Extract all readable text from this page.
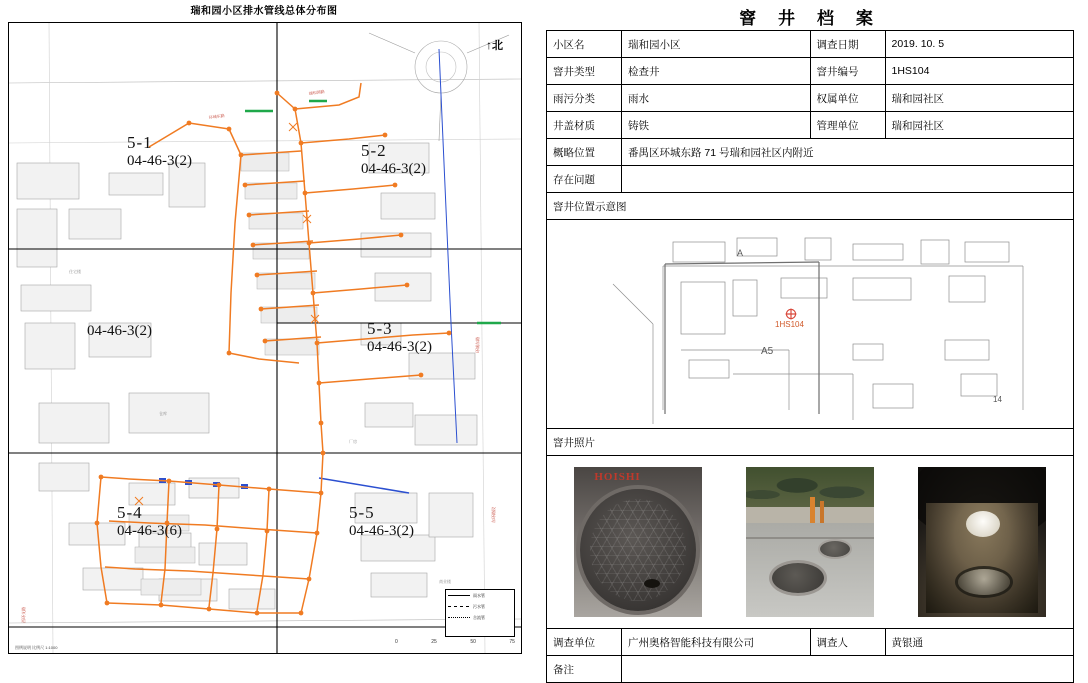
瑞和园小区排水管线总体分布图
环城东路
瑞和园路
环城东路
东环路段
西环支路
住宅楼
厂房
仓库
商业楼
↑北
5-1
04-46-3(2)
5-2
04-46-3(2)
04-46-3(2)	5-3
04-46-3(2)
5-4
04-46-3(6)
5-5
04-46-3(2)
雨水管
污水管
合流管
0	25	50	75
图例说明 比例尺 1:1000
窨 井 档 案
小区名	瑞和园小区	调查日期	2019. 10. 5
窨井类型	检查井	窨井编号	1HS104
雨污分类	雨水	权属单位	瑞和园社区
井盖材质	铸铁	管理单位	瑞和园社区
概略位置	番禺区环城东路 71 号瑞和园社区内附近		
存在问题			
窨井位置示意图			

A
A5
14
1HS104			

窨井照片			

HOISHI			

调查单位	广州奥格智能科技有限公司	调查人	黄银通
备注			
